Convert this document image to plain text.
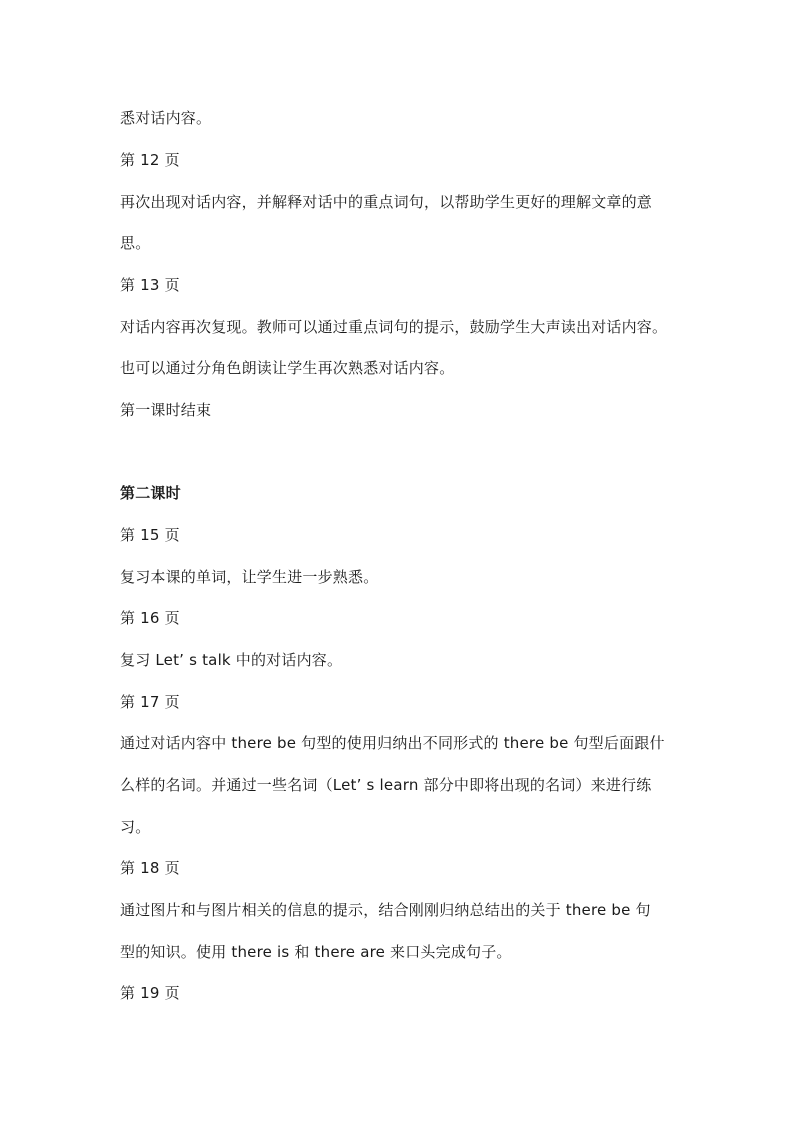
悉对话内容。
第 12 页
再次出现对话内容，并解释对话中的重点词句，以帮助学生更好的理解文章的意
思。
第 13 页
对话内容再次复现。教师可以通过重点词句的提示，鼓励学生大声读出对话内容。
也可以通过分角色朗读让学生再次熟悉对话内容。
第一课时结束
第二课时
第 15 页
复习本课的单词，让学生进一步熟悉。
第 16 页
复习 Let’ s talk 中的对话内容。
第 17 页
通过对话内容中 there be 句型的使用归纳出不同形式的 there be 句型后面跟什
么样的名词。并通过一些名词（Let’ s learn 部分中即将出现的名词）来进行练
习。
第 18 页
通过图片和与图片相关的信息的提示，结合刚刚归纳总结出的关于 there be 句
型的知识。使用 there is 和 there are 来口头完成句子。
第 19 页
